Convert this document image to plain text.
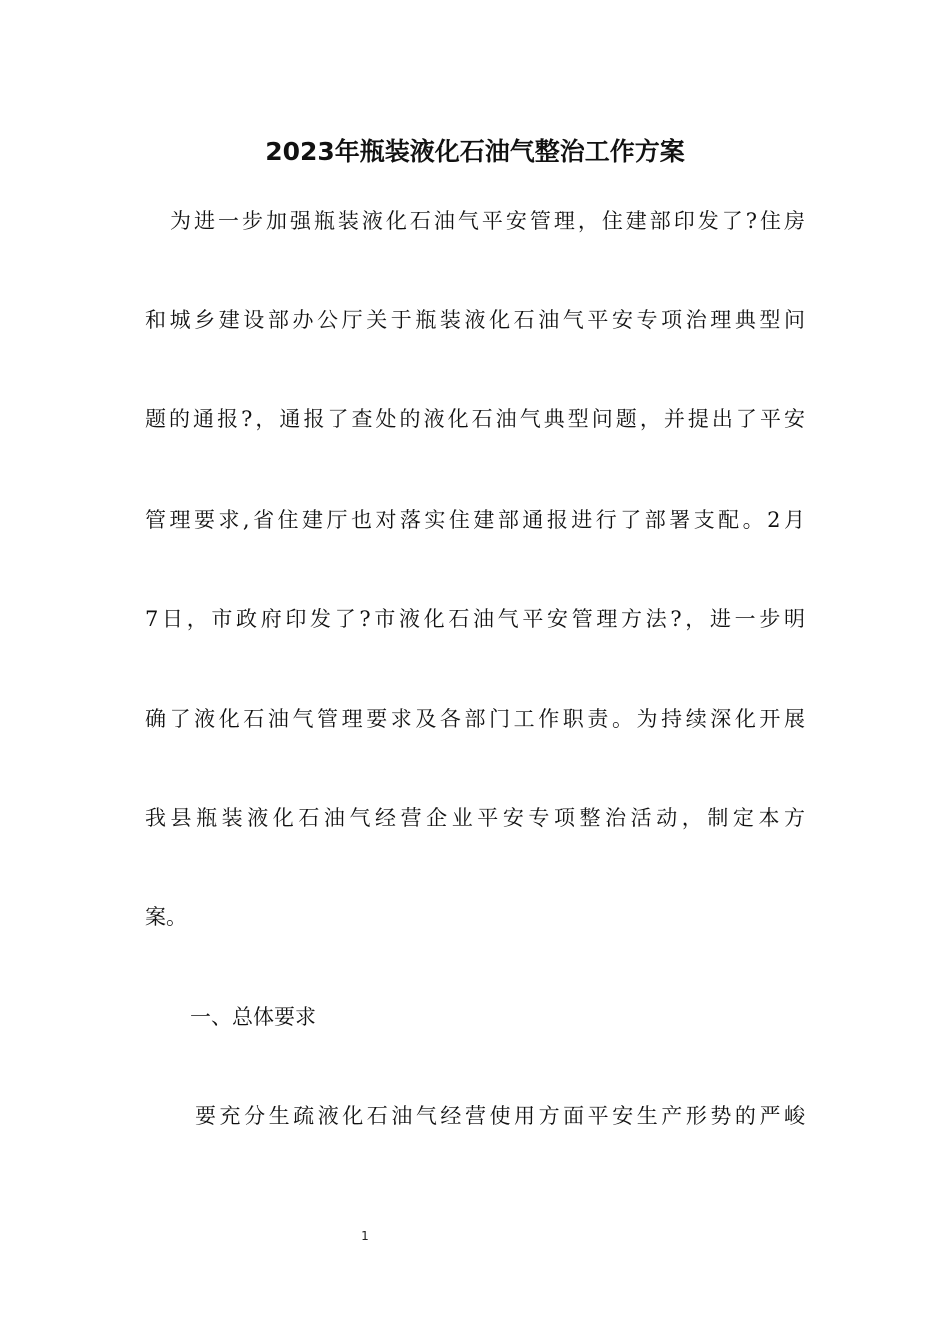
2023年瓶装液化石油气整治工作方案
为进一步加强瓶装液化石油气平安管理，住建部印发了?住房
和城乡建设部办公厅关于瓶装液化石油气平安专项治理典型问
题的通报?，通报了查处的液化石油气典型问题，并提出了平安
管理要求,省住建厅也对落实住建部通报进行了部署支配。2月
7日，市政府印发了?市液化石油气平安管理方法?，进一步明
确了液化石油气管理要求及各部门工作职责。为持续深化开展
我县瓶装液化石油气经营企业平安专项整治活动，制定本方
案。
一、总体要求
要充分生疏液化石油气经营使用方面平安生产形势的严峻
1
